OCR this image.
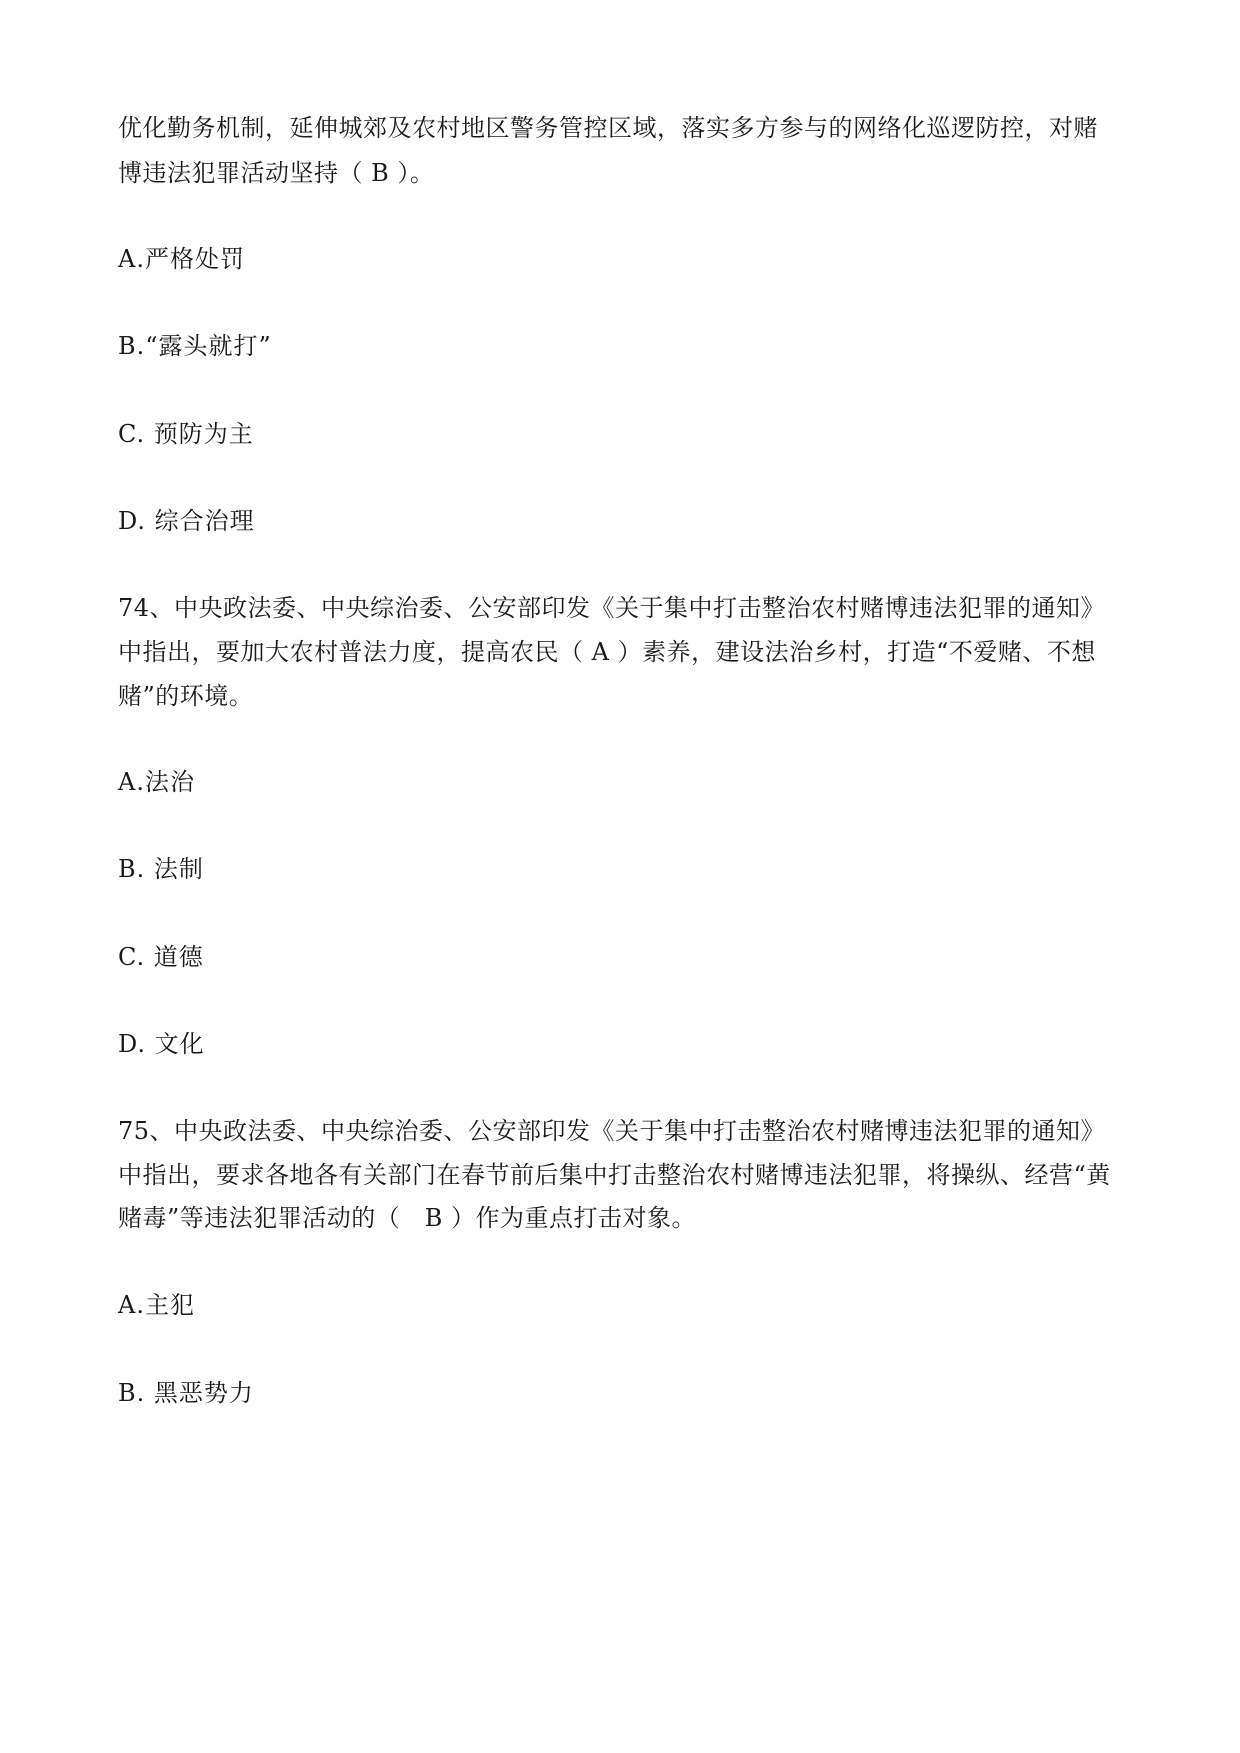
优化勤务机制，延伸城郊及农村地区警务管控区域，落实多方参与的网络化巡逻防控，对赌
博违法犯罪活动坚持（ B ）。
A.严格处罚
B.“露头就打”
C. 预防为主
D. 综合治理
74、中央政法委、中央综治委、公安部印发《关于集中打击整治农村赌博违法犯罪的通知》
中指出，要加大农村普法力度，提高农民（ A ）素养，建设法治乡村，打造“不爱赌、不想
赌”的环境。
A.法治
B. 法制
C. 道德
D. 文化
75、中央政法委、中央综治委、公安部印发《关于集中打击整治农村赌博违法犯罪的通知》
中指出，要求各地各有关部门在春节前后集中打击整治农村赌博违法犯罪，将操纵、经营“黄
赌毒”等违法犯罪活动的（　B ）作为重点打击对象。
A.主犯
B. 黑恶势力
